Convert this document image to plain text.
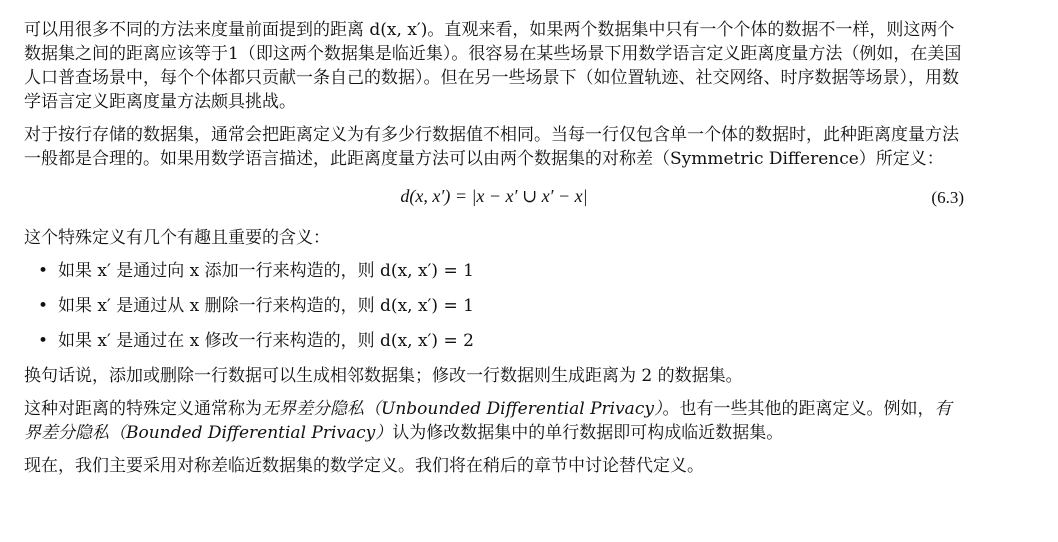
可以用很多不同的方法来度量前面提到的距离 d(x, x′)。直观来看，如果两个数据集中只有一个个体的数据不一样，则这两个数据集之间的距离应该等于1（即这两个数据集是临近集）。很容易在某些场景下用数学语言定义距离度量方法（例如，在美国人口普查场景中，每个个体都只贡献一条自己的数据）。但在另一些场景下（如位置轨迹、社交网络、时序数据等场景），用数学语言定义距离度量方法颇具挑战。

对于按行存储的数据集，通常会把距离定义为有多少行数据值不相同。当每一行仅包含单一个体的数据时，此种距离度量方法一般都是合理的。如果用数学语言描述，此距离度量方法可以由两个数据集的对称差（Symmetric Difference）所定义：

d(x, x′) = |x − x′ ∪ x′ − x|	(6.3)

这个特殊定义有几个有趣且重要的含义：

• 如果 x′ 是通过向 x 添加一行来构造的，则 d(x, x′) = 1
• 如果 x′ 是通过从 x 删除一行来构造的，则 d(x, x′) = 1
• 如果 x′ 是通过在 x 修改一行来构造的，则 d(x, x′) = 2

换句话说，添加或删除一行数据可以生成相邻数据集；修改一行数据则生成距离为 2 的数据集。

这种对距离的特殊定义通常称为无界差分隐私（Unbounded Differential Privacy）。也有一些其他的距离定义。例如，有界差分隐私（Bounded Differential Privacy）认为修改数据集中的单行数据即可构成临近数据集。

现在，我们主要采用对称差临近数据集的数学定义。我们将在稍后的章节中讨论替代定义。
